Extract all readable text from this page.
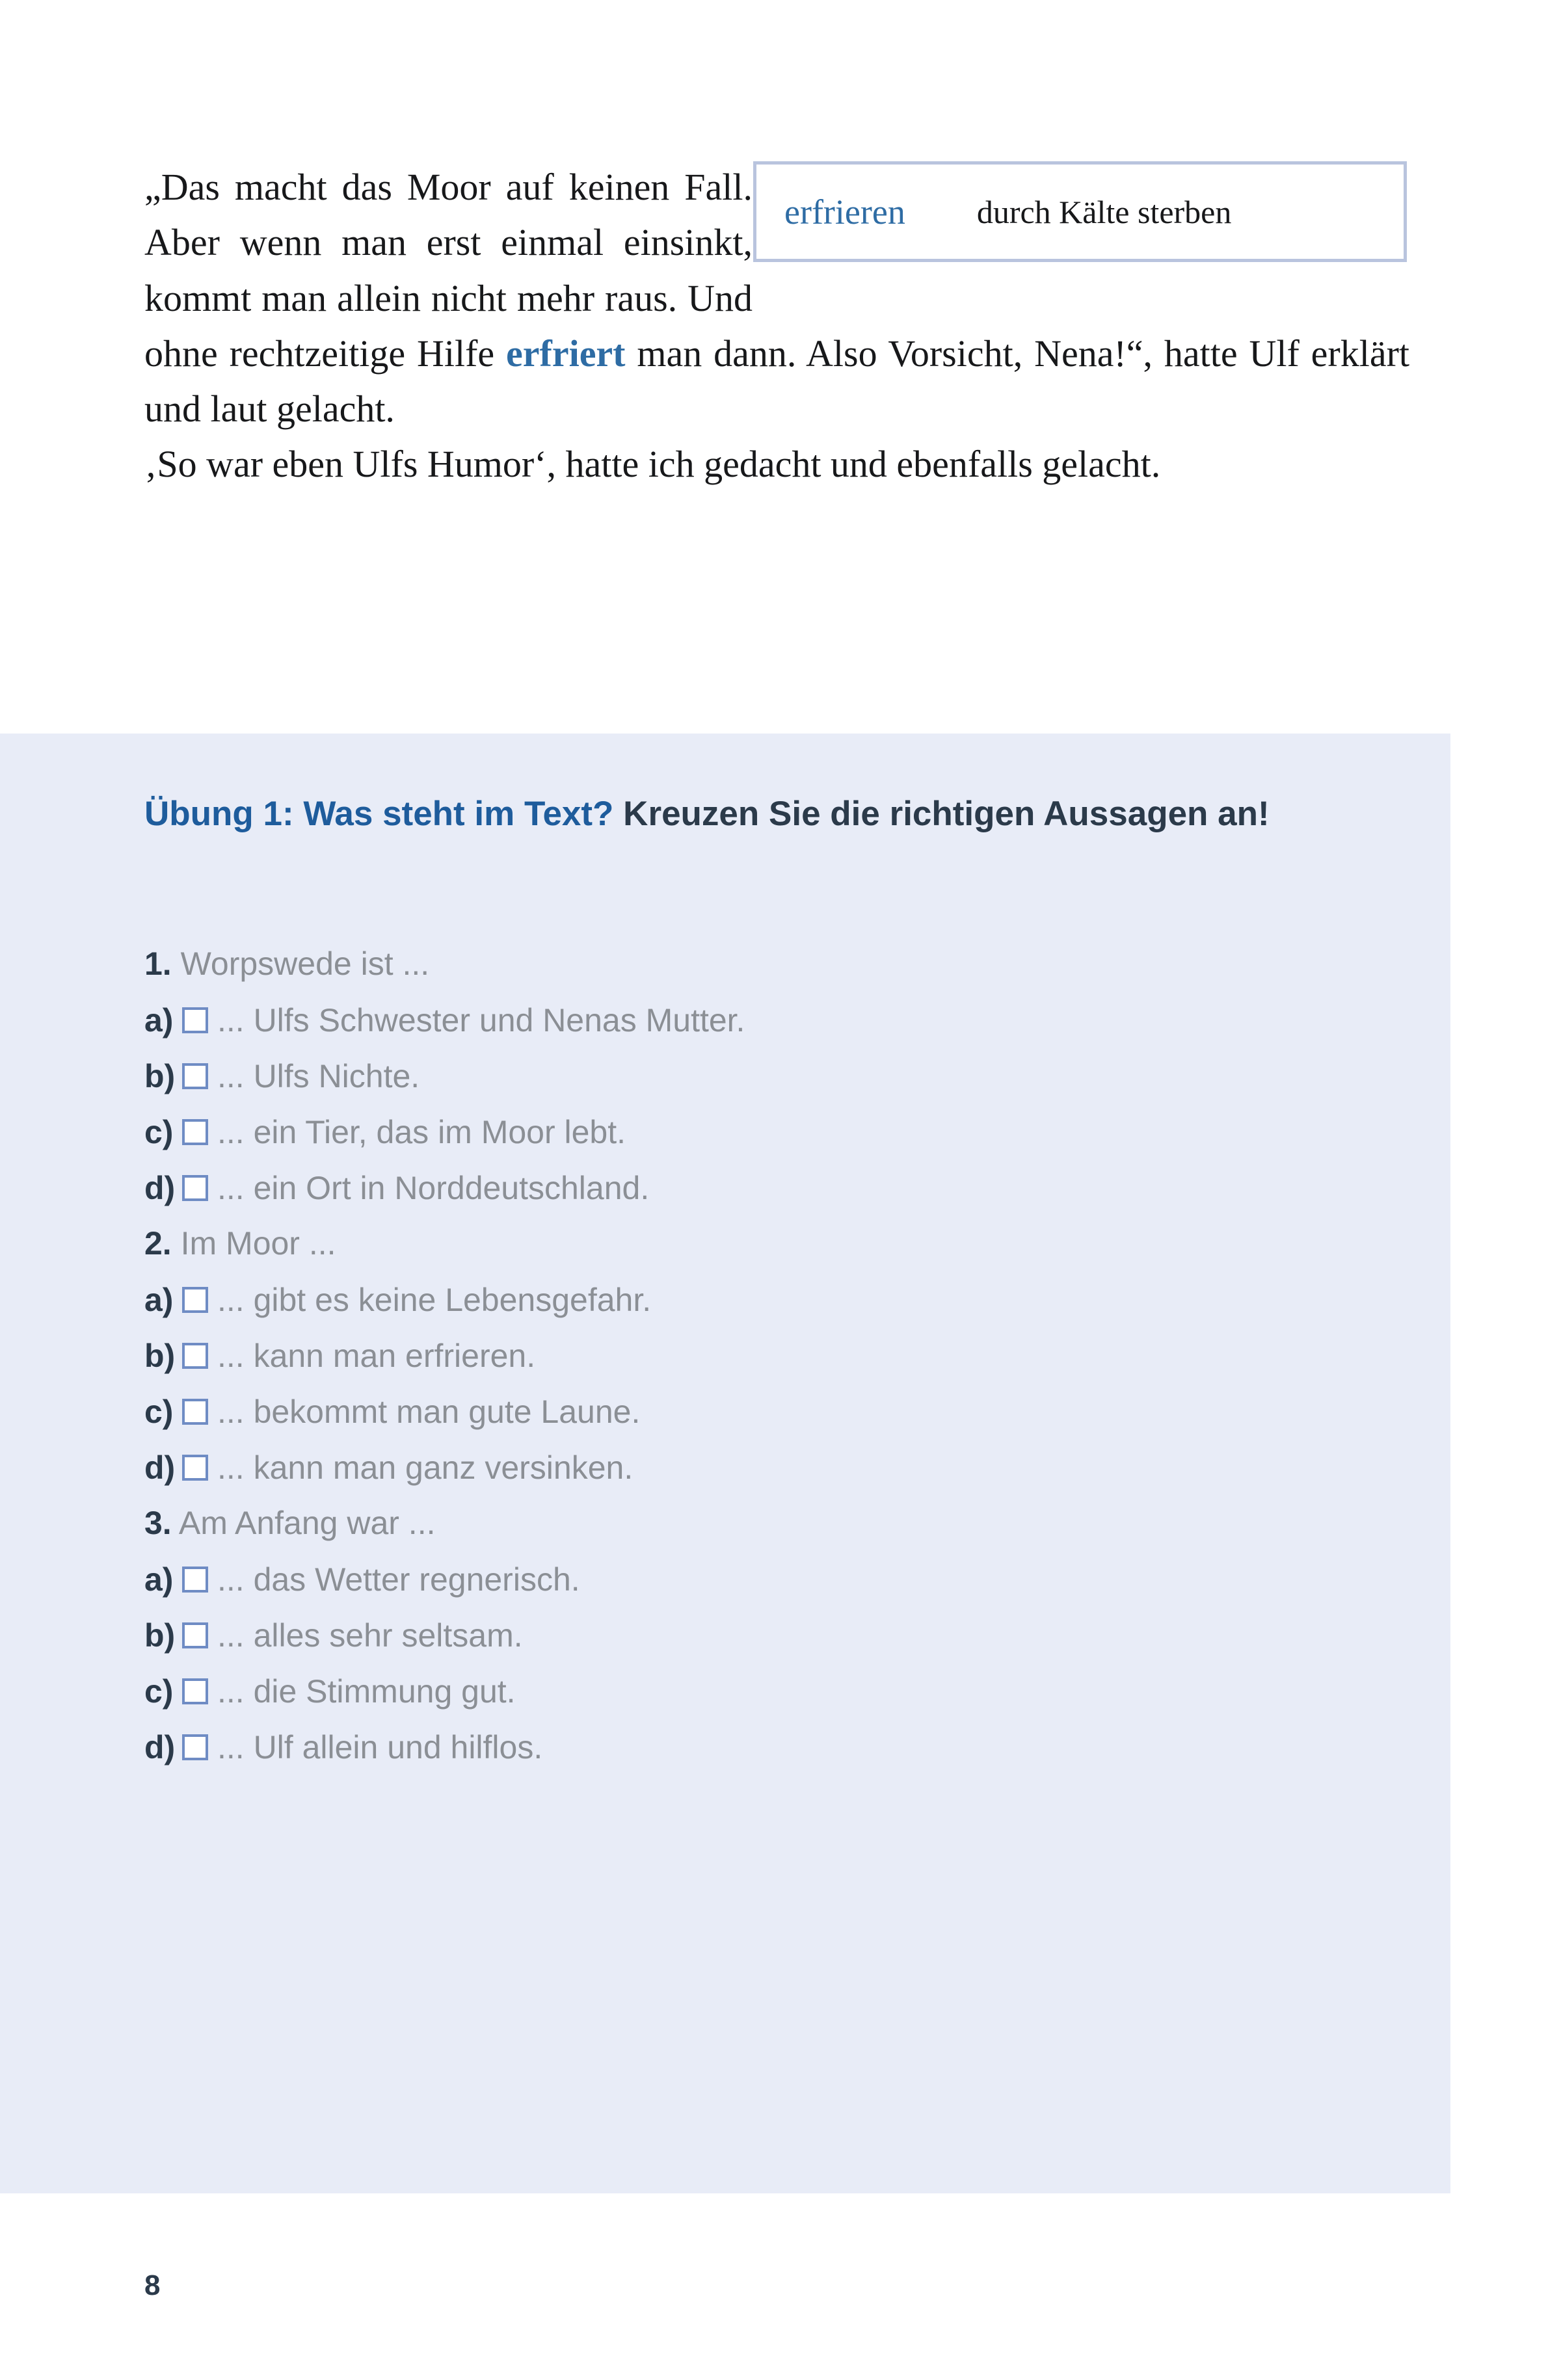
„Das macht das Moor auf keinen Fall. Aber wenn man erst einmal einsinkt, kommt man allein nicht mehr raus. Und ohne rechtzeitige Hilfe erfriert man dann. Also Vorsicht, Nena!“, hatte Ulf erklärt und laut gelacht.

‚So war eben Ulfs Humor‘, hatte ich gedacht und ebenfalls gelacht.

erfrieren durch Kälte sterben
Übung 1: Was steht im Text? Kreuzen Sie die richtigen Aussagen an!
1. Worpswede ist ...
a) ... Ulfs Schwester und Nenas Mutter.
b) ... Ulfs Nichte.
c) ... ein Tier, das im Moor lebt.
d) ... ein Ort in Norddeutschland.
2. Im Moor ...
a) ... gibt es keine Lebensgefahr.
b) ... kann man erfrieren.
c) ... bekommt man gute Laune.
d) ... kann man ganz versinken.
3. Am Anfang war ...
a) ... das Wetter regnerisch.
b) ... alles sehr seltsam.
c) ... die Stimmung gut.
d) ... Ulf allein und hilflos.
8
